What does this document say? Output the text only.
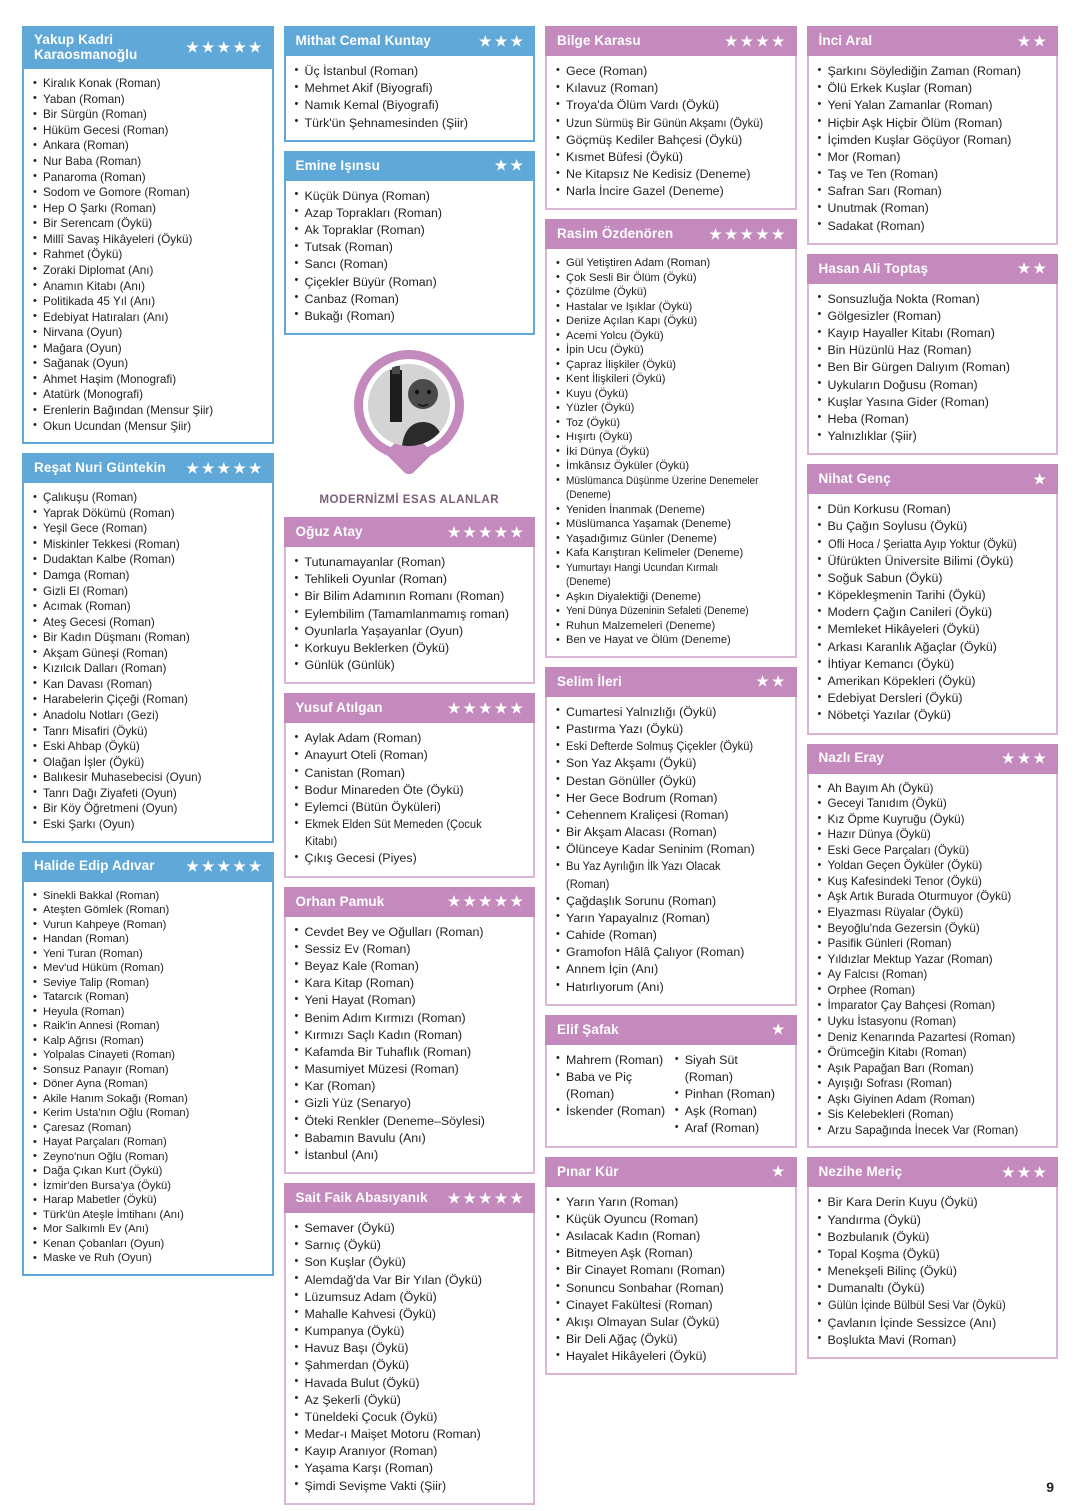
Yakup Kadri Karaosmanoğlu	★ ★ ★ ★ ★
• Kiralık Konak (Roman)
• Yaban (Roman)
• Bir Sürgün (Roman)
• Hüküm Gecesi (Roman)
• Ankara (Roman)
• Nur Baba (Roman)
• Panaroma (Roman)
• Sodom ve Gomore (Roman)
• Hep O Şarkı (Roman)
• Bir Serencam (Öykü)
• Millî Savaş Hikâyeleri (Öykü)
• Rahmet (Öykü)
• Zoraki Diplomat (Anı)
• Anamın Kitabı (Anı)
• Politikada 45 Yıl (Anı)
• Edebiyat Hatıraları (Anı)
• Nirvana (Oyun)
• Mağara (Oyun)
• Sağanak (Oyun)
• Ahmet Haşim (Monografi)
• Atatürk (Monografi)
• Erenlerin Bağından (Mensur Şiir)
• Okun Ucundan (Mensur Şiir)
Reşat Nuri Güntekin	★ ★ ★ ★ ★
• Çalıkuşu (Roman)
• Yaprak Dökümü (Roman)
• Yeşil Gece (Roman)
• Miskinler Tekkesi (Roman)
• Dudaktan Kalbe (Roman)
• Damga (Roman)
• Gizli El (Roman)
• Acımak (Roman)
• Ateş Gecesi (Roman)
• Bir Kadın Düşmanı (Roman)
• Akşam Güneşi (Roman)
• Kızılcık Dalları (Roman)
• Kan Davası (Roman)
• Harabelerin Çiçeği (Roman)
• Anadolu Notları (Gezi)
• Tanrı Misafiri (Öykü)
• Eski Ahbap (Öykü)
• Olağan İşler (Öykü)
• Balıkesir Muhasebecisi (Oyun)
• Tanrı Dağı Ziyafeti (Oyun)
• Bir Köy Öğretmeni (Oyun)
• Eski Şarkı (Oyun)
Halide Edip Adıvar	★ ★ ★ ★ ★
• Sinekli Bakkal (Roman)
• Ateşten Gömlek (Roman)
• Vurun Kahpeye (Roman)
• Handan (Roman)
• Yeni Turan (Roman)
• Mev'ud Hüküm (Roman)
• Seviye Talip (Roman)
• Tatarcık (Roman)
• Heyula (Roman)
• Raik'in Annesi (Roman)
• Kalp Ağrısı (Roman)
• Yolpalas Cinayeti (Roman)
• Sonsuz Panayır (Roman)
• Döner Ayna (Roman)
• Akile Hanım Sokağı (Roman)
• Kerim Usta'nın Oğlu (Roman)
• Çaresaz (Roman)
• Hayat Parçaları (Roman)
• Zeyno'nun Oğlu (Roman)
• Dağa Çıkan Kurt (Öykü)
• İzmir'den Bursa'ya (Öykü)
• Harap Mabetler (Öykü)
• Türk'ün Ateşle İmtihanı (Anı)
• Mor Salkımlı Ev (Anı)
• Kenan Çobanları (Oyun)
• Maske ve Ruh (Oyun)
Mithat Cemal Kuntay	★ ★ ★
• Üç İstanbul (Roman)
• Mehmet Akif (Biyografi)
• Namık Kemal (Biyografi)
• Türk'ün Şehnamesinden (Şiir)
Emine Işınsu	★ ★
• Küçük Dünya (Roman)
• Azap Toprakları (Roman)
• Ak Topraklar (Roman)
• Tutsak (Roman)
• Sancı (Roman)
• Çiçekler Büyür (Roman)
• Canbaz (Roman)
• Bukağı (Roman)
MODERNİZMİ ESAS ALANLAR
Oğuz Atay	★ ★ ★ ★ ★
• Tutunamayanlar (Roman)
• Tehlikeli Oyunlar (Roman)
• Bir Bilim Adamının Romanı (Roman)
• Eylembilim (Tamamlanmamış roman)
• Oyunlarla Yaşayanlar (Oyun)
• Korkuyu Beklerken (Öykü)
• Günlük (Günlük)
Yusuf Atılgan	★ ★ ★ ★ ★
• Aylak Adam (Roman)
• Anayurt Oteli (Roman)
• Canistan (Roman)
• Bodur Minareden Öte (Öykü)
• Eylemci (Bütün Öyküleri)
• Ekmek Elden Süt Memeden (Çocuk Kitabı)
• Çıkış Gecesi (Piyes)
Orhan Pamuk	★ ★ ★ ★ ★
• Cevdet Bey ve Oğulları (Roman)
• Sessiz Ev (Roman)
• Beyaz Kale (Roman)
• Kara Kitap (Roman)
• Yeni Hayat (Roman)
• Benim Adım Kırmızı (Roman)
• Kırmızı Saçlı Kadın (Roman)
• Kafamda Bir Tuhaflık (Roman)
• Masumiyet Müzesi (Roman)
• Kar (Roman)
• Gizli Yüz (Senaryo)
• Öteki Renkler (Deneme–Söylesi)
• Babamın Bavulu (Anı)
• İstanbul (Anı)
Sait Faik Abasıyanık	★ ★ ★ ★ ★
• Semaver (Öykü)
• Sarnıç (Öykü)
• Son Kuşlar (Öykü)
• Alemdağ'da Var Bir Yılan (Öykü)
• Lüzumsuz Adam (Öykü)
• Mahalle Kahvesi (Öykü)
• Kumpanya (Öykü)
• Havuz Başı (Öykü)
• Şahmerdan (Öykü)
• Havada Bulut (Öykü)
• Az Şekerli (Öykü)
• Tüneldeki Çocuk (Öykü)
• Medar-ı Maişet Motoru (Roman)
• Kayıp Aranıyor (Roman)
• Yaşama Karşı (Roman)
• Şimdi Sevişme Vakti (Şiir)
Bilge Karasu	★ ★ ★ ★
• Gece (Roman)
• Kılavuz (Roman)
• Troya'da Ölüm Vardı (Öykü)
• Uzun Sürmüş Bir Günün Akşamı (Öykü)
• Göçmüş Kediler Bahçesi (Öykü)
• Kısmet Büfesi (Öykü)
• Ne Kitapsız Ne Kedisiz (Deneme)
• Narla İncire Gazel (Deneme)
Rasim Özdenören	★ ★ ★ ★ ★
• Gül Yetiştiren Adam (Roman)
• Çok Sesli Bir Ölüm (Öykü)
• Çözülme (Öykü)
• Hastalar ve Işıklar (Öykü)
• Denize Açılan Kapı (Öykü)
• Acemi Yolcu (Öykü)
• İpin Ucu (Öykü)
• Çapraz İlişkiler (Öykü)
• Kent İlişkileri (Öykü)
• Kuyu (Öykü)
• Yüzler (Öykü)
• Toz (Öykü)
• Hışırtı (Öykü)
• İki Dünya (Öykü)
• İmkânsız Öyküler (Öykü)
• Müslümanca Düşünme Üzerine Denemeler (Deneme)
• Yeniden İnanmak (Deneme)
• Müslümanca Yaşamak (Deneme)
• Yaşadığımız Günler (Deneme)
• Kafa Karıştıran Kelimeler (Deneme)
• Yumurtayı Hangi Ucundan Kırmalı (Deneme)
• Aşkın Diyalektiği (Deneme)
• Yeni Dünya Düzeninin Sefaleti (Deneme)
• Ruhun Malzemeleri (Deneme)
• Ben ve Hayat ve Ölüm (Deneme)
Selim İleri	★ ★
• Cumartesi Yalnızlığı (Öykü)
• Pastırma Yazı (Öykü)
• Eski Defterde Solmuş Çiçekler (Öykü)
• Son Yaz Akşamı (Öykü)
• Destan Gönüller (Öykü)
• Her Gece Bodrum (Roman)
• Cehennem Kraliçesi (Roman)
• Bir Akşam Alacası (Roman)
• Ölünceye Kadar Seninim (Roman)
• Bu Yaz Ayrılığın İlk Yazı Olacak (Roman)
• Çağdaşlık Sorunu (Roman)
• Yarın Yapayalnız (Roman)
• Cahide (Roman)
• Gramofon Hâlâ Çalıyor (Roman)
• Annem İçin (Anı)
• Hatırlıyorum (Anı)
Elif Şafak	★
• Mahrem (Roman)
• Baba ve Piç (Roman)
• İskender (Roman)
• Siyah Süt (Roman)
• Pinhan (Roman)
• Aşk (Roman)
• Araf (Roman)
Pınar Kür	★
• Yarın Yarın (Roman)
• Küçük Oyuncu (Roman)
• Asılacak Kadın (Roman)
• Bitmeyen Aşk (Roman)
• Bir Cinayet Romanı (Roman)
• Sonuncu Sonbahar (Roman)
• Cinayet Fakültesi (Roman)
• Akışı Olmayan Sular (Öykü)
• Bir Deli Ağaç (Öykü)
• Hayalet Hikâyeleri (Öykü)
İnci Aral	★ ★
• Şarkını Söylediğin Zaman (Roman)
• Ölü Erkek Kuşlar (Roman)
• Yeni Yalan Zamanlar (Roman)
• Hiçbir Aşk Hiçbir Ölüm (Roman)
• İçimden Kuşlar Göçüyor (Roman)
• Mor (Roman)
• Taş ve Ten (Roman)
• Safran Sarı (Roman)
• Unutmak (Roman)
• Sadakat (Roman)
Hasan Ali Toptaş	★ ★
• Sonsuzluğa Nokta (Roman)
• Gölgesizler (Roman)
• Kayıp Hayaller Kitabı (Roman)
• Bin Hüzünlü Haz (Roman)
• Ben Bir Gürgen Dalıyım (Roman)
• Uykuların Doğusu (Roman)
• Kuşlar Yasına Gider (Roman)
• Heba (Roman)
• Yalnızlıklar (Şiir)
Nihat Genç	★
• Dün Korkusu (Roman)
• Bu Çağın Soylusu (Öykü)
• Ofli Hoca / Şeriatta Ayıp Yoktur (Öykü)
• Üfürükten Üniversite Bilimi (Öykü)
• Soğuk Sabun (Öykü)
• Köpekleşmenin Tarihi (Öykü)
• Modern Çağın Canileri (Öykü)
• Memleket Hikâyeleri (Öykü)
• Arkası Karanlık Ağaçlar (Öykü)
• İhtiyar Kemancı (Öykü)
• Amerikan Köpekleri (Öykü)
• Edebiyat Dersleri (Öykü)
• Nöbetçi Yazılar (Öykü)
Nazlı Eray	★ ★ ★
• Ah Bayım Ah (Öykü)
• Geceyi Tanıdım (Öykü)
• Kız Öpme Kuyruğu (Öykü)
• Hazır Dünya (Öykü)
• Eski Gece Parçaları (Öykü)
• Yoldan Geçen Öyküler (Öykü)
• Kuş Kafesindeki Tenor (Öykü)
• Aşk Artık Burada Oturmuyor (Öykü)
• Elyazması Rüyalar (Öykü)
• Beyoğlu'nda Gezersin (Öykü)
• Pasifik Günleri (Roman)
• Yıldızlar Mektup Yazar (Roman)
• Ay Falcısı (Roman)
• Orphee (Roman)
• İmparator Çay Bahçesi (Roman)
• Uyku İstasyonu (Roman)
• Deniz Kenarında Pazartesi (Roman)
• Örümceğin Kitabı (Roman)
• Aşık Papağan Barı (Roman)
• Ayışığı Sofrası (Roman)
• Aşkı Giyinen Adam (Roman)
• Sis Kelebekleri (Roman)
• Arzu Sapağında İnecek Var (Roman)
Nezihe Meriç	★ ★ ★
• Bir Kara Derin Kuyu (Öykü)
• Yandırma (Öykü)
• Bozbulanık (Öykü)
• Topal Koşma (Öykü)
• Menekşeli Bilinç (Öykü)
• Dumanaltı (Öykü)
• Gülün İçinde Bülbül Sesi Var (Öykü)
• Çavlanın İçinde Sessizce (Anı)
• Boşlukta Mavi (Roman)
9
